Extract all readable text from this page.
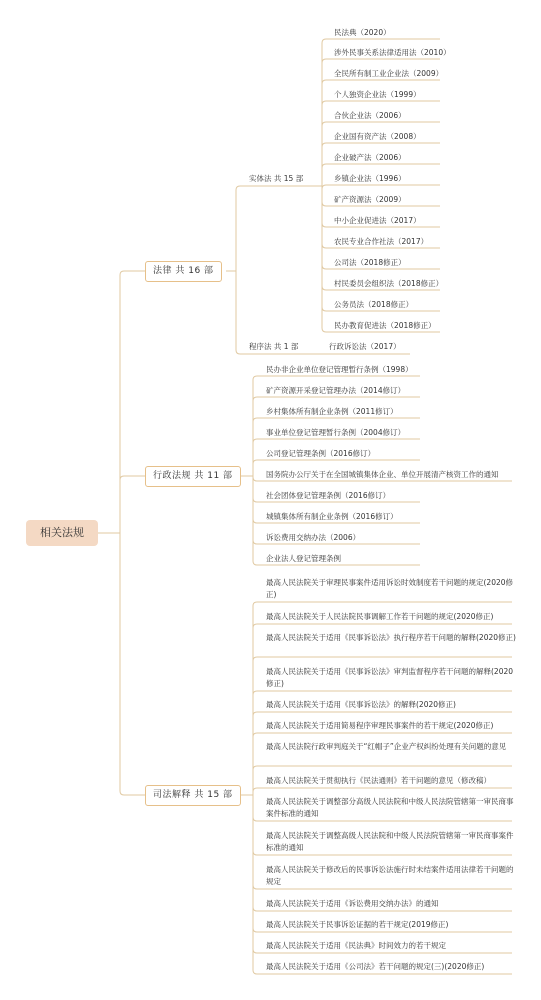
相关法规
法律 共 16 部
行政法规 共 11 部
司法解释 共 15 部
实体法 共 15 部
程序法 共 1 部
民法典（2020）
涉外民事关系法律适用法（2010）
全民所有制工业企业法（2009）
个人独资企业法（1999）
合伙企业法（2006）
企业国有资产法（2008）
企业破产法（2006）
乡镇企业法（1996）
矿产资源法（2009）
中小企业促进法（2017）
农民专业合作社法（2017）
公司法（2018修正）
村民委员会组织法（2018修正）
公务员法（2018修正）
民办教育促进法（2018修正）
行政诉讼法（2017）
民办非企业单位登记管理暂行条例（1998）
矿产资源开采登记管理办法（2014修订）
乡村集体所有制企业条例（2011修订）
事业单位登记管理暂行条例（2004修订）
公司登记管理条例（2016修订）
国务院办公厅关于在全国城镇集体企业、单位开展清产核资工作的通知
社会团体登记管理条例（2016修订）
城镇集体所有制企业条例（2016修订）
诉讼费用交纳办法（2006）
企业法人登记管理条例
最高人民法院关于审理民事案件适用诉讼时效制度若干问题的规定(2020修正)
最高人民法院关于人民法院民事调解工作若干问题的规定(2020修正)
最高人民法院关于适用《民事诉讼法》执行程序若干问题的解释(2020修正)
最高人民法院关于适用《民事诉讼法》审判监督程序若干问题的解释(2020修正)
最高人民法院关于适用《民事诉讼法》的解释(2020修正)
最高人民法院关于适用简易程序审理民事案件的若干规定(2020修正)
最高人民法院行政审判庭关于“红帽子”企业产权纠纷处理有关问题的意见
最高人民法院关于贯彻执行《民法通则》若干问题的意见（修改稿）
最高人民法院关于调整部分高级人民法院和中级人民法院管辖第一审民商事案件标准的通知
最高人民法院关于调整高级人民法院和中级人民法院管辖第一审民商事案件标准的通知
最高人民法院关于修改后的民事诉讼法施行时未结案件适用法律若干问题的规定
最高人民法院关于适用《诉讼费用交纳办法》的通知
最高人民法院关于民事诉讼证据的若干规定(2019修正)
最高人民法院关于适用《民法典》时间效力的若干规定
最高人民法院关于适用《公司法》若干问题的规定(三)(2020修正)
